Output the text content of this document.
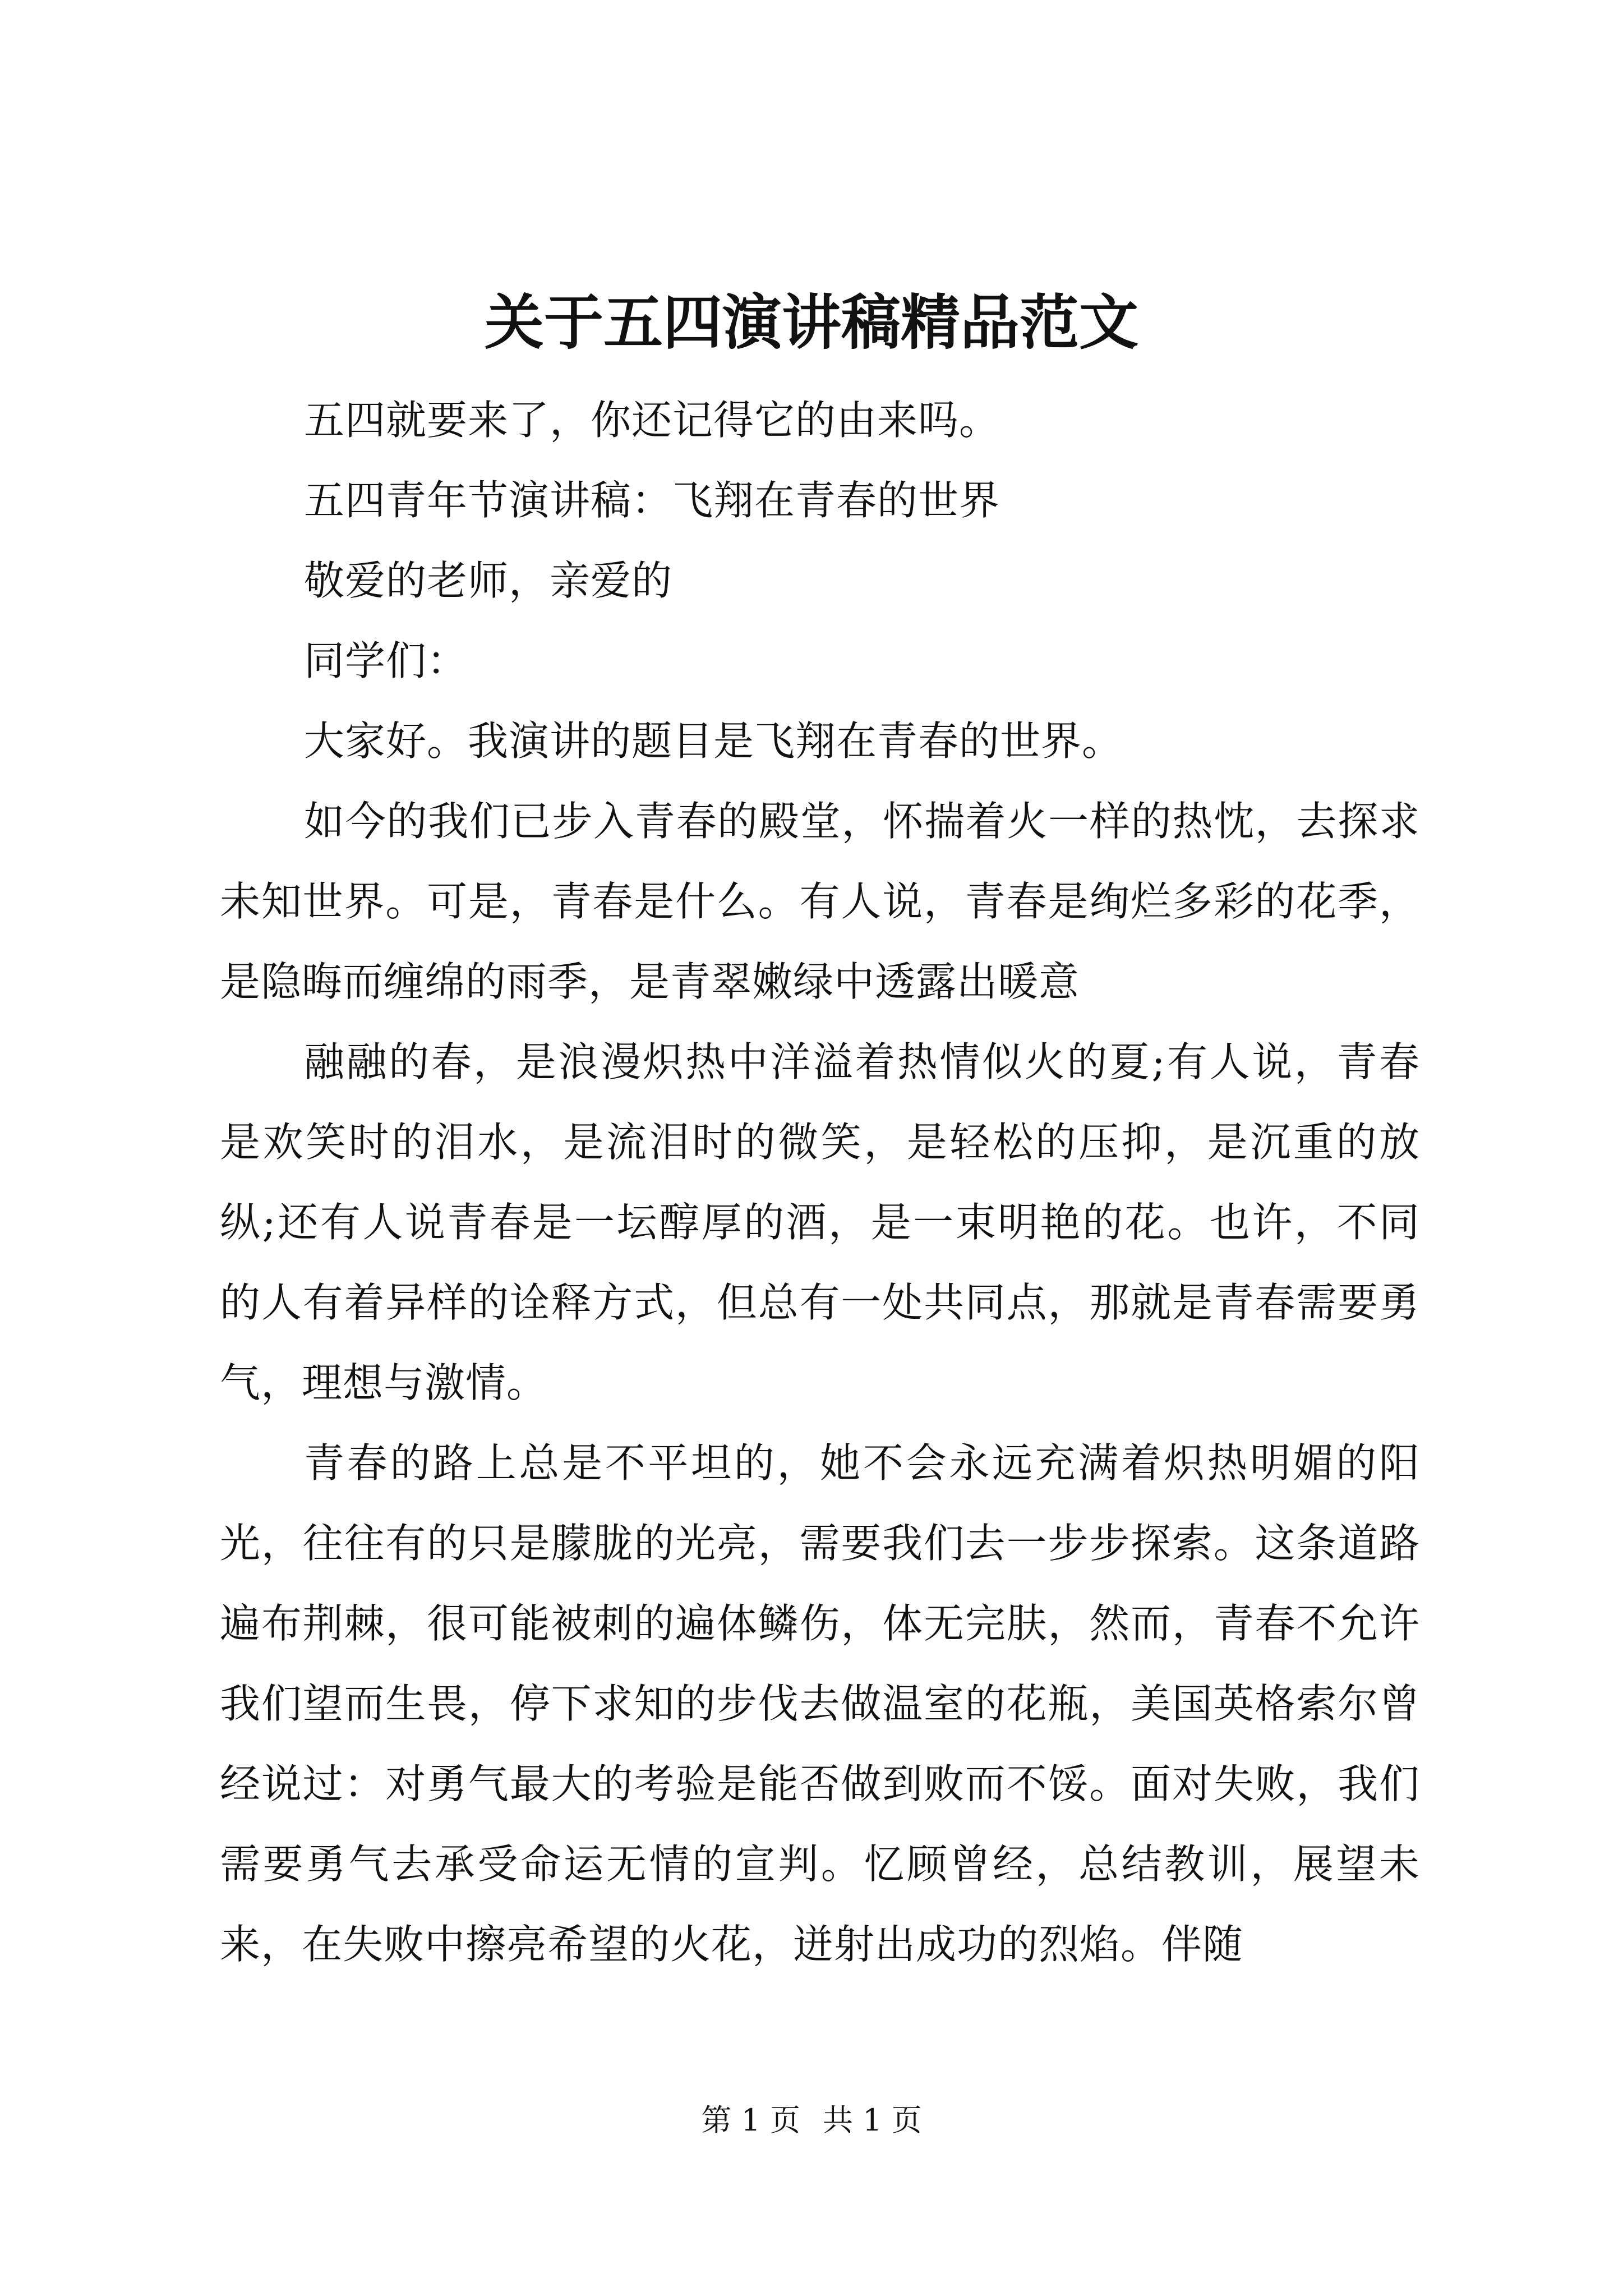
关于五四演讲稿精品范文

五四就要来了，你还记得它的由来吗。

五四青年节演讲稿：飞翔在青春的世界

敬爱的老师，亲爱的

同学们：

大家好。我演讲的题目是飞翔在青春的世界。

如今的我们已步入青春的殿堂，怀揣着火一样的热忱，去探求未知世界。可是，青春是什么。有人说，青春是绚烂多彩的花季，是隐晦而缠绵的雨季，是青翠嫩绿中透露出暖意

融融的春，是浪漫炽热中洋溢着热情似火的夏;有人说，青春是欢笑时的泪水，是流泪时的微笑，是轻松的压抑，是沉重的放纵;还有人说青春是一坛醇厚的酒，是一束明艳的花。也许，不同的人有着异样的诠释方式，但总有一处共同点，那就是青春需要勇气，理想与激情。

青春的路上总是不平坦的，她不会永远充满着炽热明媚的阳光，往往有的只是朦胧的光亮，需要我们去一步步探索。这条道路遍布荆棘，很可能被刺的遍体鳞伤，体无完肤，然而，青春不允许我们望而生畏，停下求知的步伐去做温室的花瓶，美国英格索尔曾经说过：对勇气最大的考验是能否做到败而不馁。面对失败，我们需要勇气去承受命运无情的宣判。忆顾曾经，总结教训，展望未来，在失败中擦亮希望的火花，迸射出成功的烈焰。伴随

第 1 页 共 1 页
